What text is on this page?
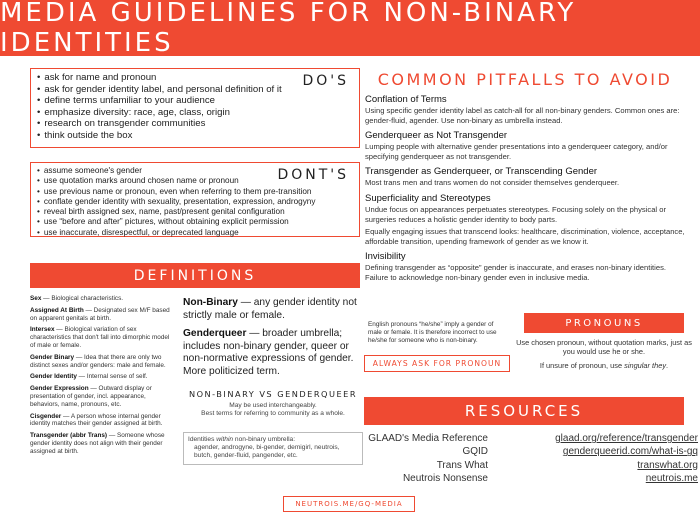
MEDIA GUIDELINES FOR NON-BINARY IDENTITIES
DO'S
• ask for name and pronoun
• ask for gender identity label, and personal definition of it
• define terms unfamiliar to your audience
• emphasize diversity: race, age, class, origin
• research on transgender communities
• think outside the box
DONT'S
• assume someone's gender
• use quotation marks around chosen name or pronoun
• use previous name or pronoun, even when referring to them pre-transition
• conflate gender identity with sexuality, presentation, expression, androgyny
• reveal birth assigned sex, name, past/present genital configuration
• use “before and after” pictures, without obtaining explicit permission
• use inaccurate, disrespectful, or deprecated language
COMMON PITFALLS TO AVOID
Conflation of Terms

Using specific gender identity label as catch-all for all non-binary genders. Common ones are: gender-fluid, agender. Use non-binary as umbrella instead.

Genderqueer as Not Transgender

Lumping people with alternative gender presentations into a genderqueer category, and/or specifying genderqueer as not transgender.

Transgender as Genderqueer, or Transcending Gender

Most trans men and trans women do not consider themselves genderqueer.

Superficiality and Stereotypes

Undue focus on appearances perpetuates stereotypes. Focusing solely on the physical or surgeries reduces a holistic gender identity to body parts.

Equally engaging issues that transcend looks: healthcare, discrimination, violence, acceptance, affordable transition, upending framework of gender as we know it.

Invisibility

Defining transgender as “opposite” gender is inaccurate, and erases non-binary identities. Failure to acknowledge non-binary gender even in inclusive media.

DEFINITIONS
Sex — Biological characteristics.
Assigned At Birth — Designated sex M/F based on apparent genitals at birth.
Intersex — Biological variation of sex characteristics that don't fall into dimorphic model of male or female.
Gender Binary — Idea that there are only two distinct sexes and/or genders: male and female.
Gender Identity — Internal sense of self.
Gender Expression — Outward display or presentation of gender, incl. appearance, behaviors, name, pronouns, etc.
Cisgender — A person whose internal gender identity matches their gender assigned at birth.
Transgender (abbr Trans) — Someone whose gender identity does not align with their gender assigned at birth.
Non-Binary — any gender identity not strictly male or female.
Genderqueer — broader umbrella; includes non-binary gender, queer or non-normative expressions of gender. More politicized term.
NON-BINARY VS GENDERQUEER
May be used interchangeably.
Best terms for referring to community as a whole.
Identities within non-binary umbrella:
agender, androgyne, bi-gender, demigirl, neutrois, butch, gender-fluid, pangender, etc.
English pronouns “he/she” imply a gender of male or female. It is therefore incorrect to use he/she for someone who is non-binary.
ALWAYS ASK FOR PRONOUN
PRONOUNS

Use chosen pronoun, without quotation marks, just as you would use he or she.

If unsure of pronoun, use singular they.

RESOURCES
GLAAD's Media Reference
GQID
Trans What
Neutrois Nonsense
glaad.org/reference/transgender
genderqueerid.com/what-is-gq
transwhat.org
neutrois.me
NEUTROIS.ME/GQ-MEDIA
